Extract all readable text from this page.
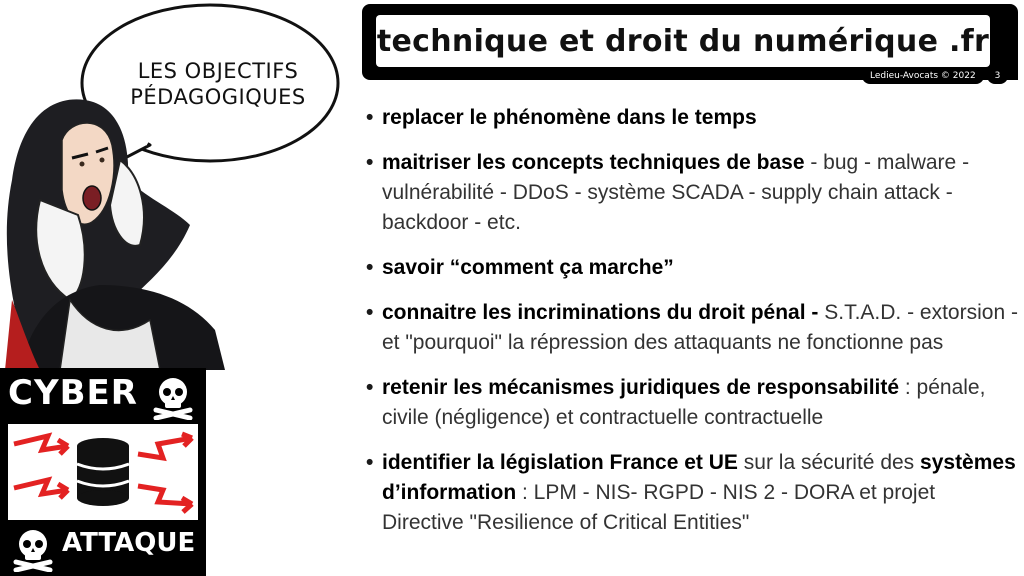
LES OBJECTIFS
PÉDAGOGIQUES
technique et droit du numérique .fr
Ledieu-Avocats © 2022	3
• replacer le phénomène dans le temps
• maitriser les concepts techniques de base - bug - malware - vulnérabilité - DDoS - système SCADA - supply chain attack - backdoor - etc.
• savoir “comment ça marche”
• connaitre les incriminations du droit pénal - S.T.A.D. - extorsion - et "pourquoi" la répression des attaquants ne fonctionne pas
• retenir les mécanismes juridiques de responsabilité : pénale, civile (négligence) et contractuelle contractuelle
• identifier la législation France et UE sur la sécurité des systèmes d’information : LPM - NIS- RGPD - NIS 2 - DORA et projet Directive "Resilience of Critical Entities"
CYBER
ATTAQUE
